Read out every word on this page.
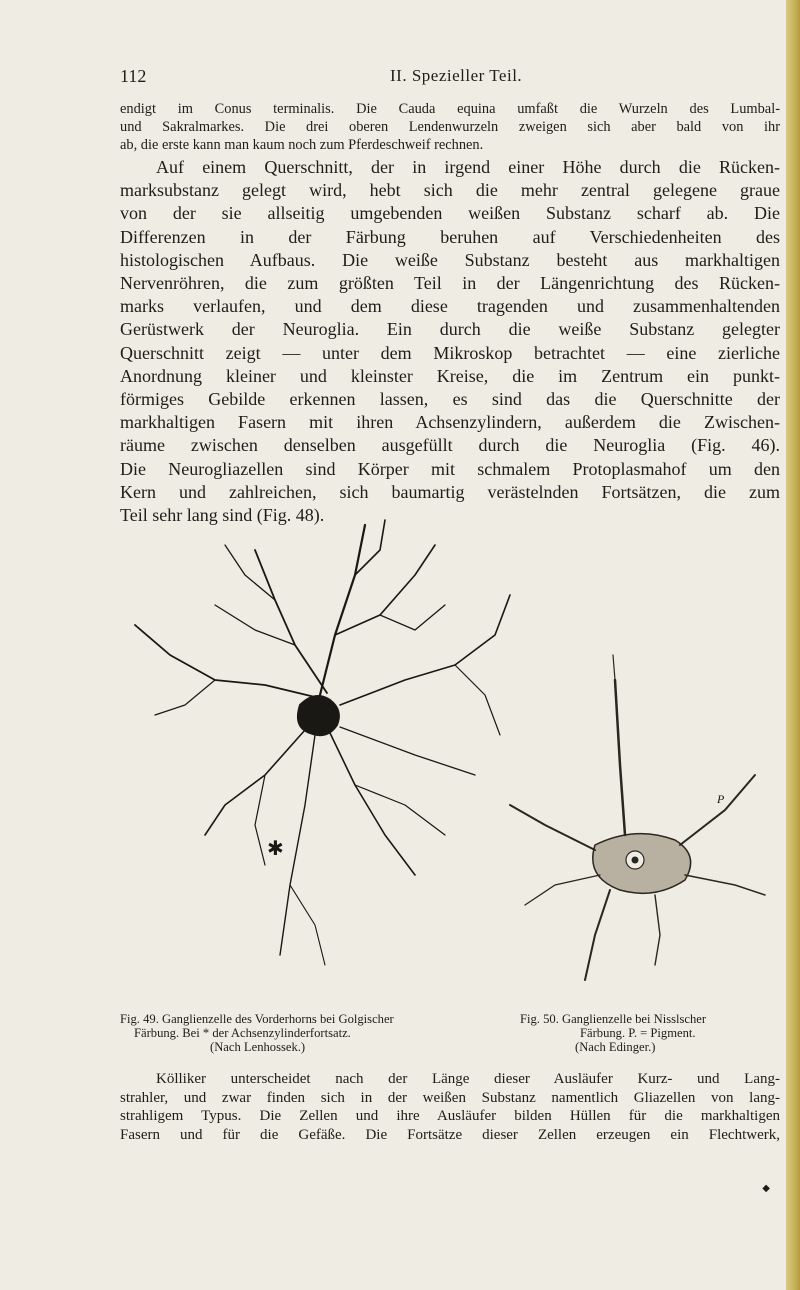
112	II. Spezieller Teil.

endigt im Conus terminalis. Die Cauda equina umfaßt die Wurzeln des Lumbal-
und Sakralmarkes. Die drei oberen Lendenwurzeln zweigen sich aber bald von ihr
ab, die erste kann man kaum noch zum Pferdeschweif rechnen.

Auf einem Querschnitt, der in irgend einer Höhe durch die Rücken-
marksubstanz gelegt wird, hebt sich die mehr zentral gelegene graue
von der sie allseitig umgebenden weißen Substanz scharf ab. Die
Differenzen in der Färbung beruhen auf Verschiedenheiten des
histologischen Aufbaus. Die weiße Substanz besteht aus markhaltigen
Nervenröhren, die zum größten Teil in der Längenrichtung des Rücken-
marks verlaufen, und dem diese tragenden und zusammenhaltenden
Gerüstwerk der Neuroglia. Ein durch die weiße Substanz gelegter
Querschnitt zeigt — unter dem Mikroskop betrachtet — eine zierliche
Anordnung kleiner und kleinster Kreise, die im Zentrum ein punkt-
förmiges Gebilde erkennen lassen, es sind das die Querschnitte der
markhaltigen Fasern mit ihren Achsenzylindern, außerdem die Zwischen-
räume zwischen denselben ausgefüllt durch die Neuroglia (Fig. 46).
Die Neurogliazellen sind Körper mit schmalem Protoplasmahof um den
Kern und zahlreichen, sich baumartig verästelnden Fortsätzen, die zum
Teil sehr lang sind (Fig. 48).

✱
P
Fig. 49. Ganglienzelle des Vorderhorns bei Golgischer
Färbung. Bei * der Achsenzylinderfortsatz.
(Nach Lenhossek.)
Fig. 50. Ganglienzelle bei Nisslscher
Färbung. P. = Pigment.
(Nach Edinger.)

Kölliker unterscheidet nach der Länge dieser Ausläufer Kurz- und Lang-
strahler, und zwar finden sich in der weißen Substanz namentlich Gliazellen von lang-
strahligem Typus. Die Zellen und ihre Ausläufer bilden Hüllen für die markhaltigen
Fasern und für die Gefäße. Die Fortsätze dieser Zellen erzeugen ein Flechtwerk,

◆
